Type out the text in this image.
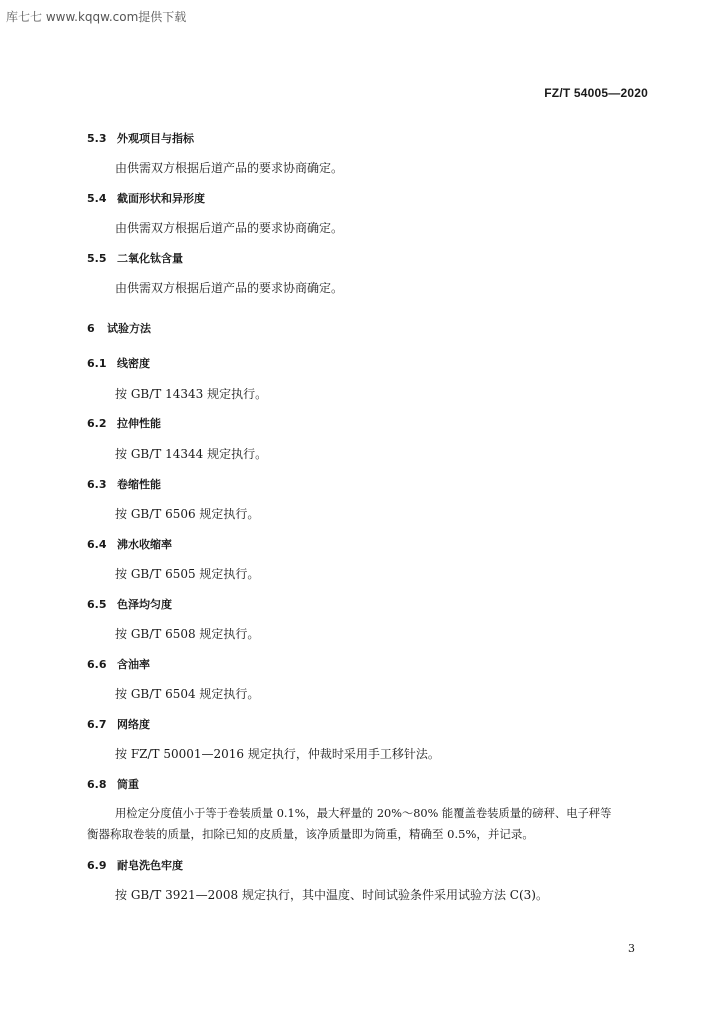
库七七 www.kqqw.com提供下载
FZ/T 54005—2020
5.3 外观项目与指标
由供需双方根据后道产品的要求协商确定。
5.4 截面形状和异形度
由供需双方根据后道产品的要求协商确定。
5.5 二氧化钛含量
由供需双方根据后道产品的要求协商确定。
6 试验方法
6.1 线密度
按 GB/T 14343 规定执行。
6.2 拉伸性能
按 GB/T 14344 规定执行。
6.3 卷缩性能
按 GB/T 6506 规定执行。
6.4 沸水收缩率
按 GB/T 6505 规定执行。
6.5 色泽均匀度
按 GB/T 6508 规定执行。
6.6 含油率
按 GB/T 6504 规定执行。
6.7 网络度
按 FZ/T 50001—2016 规定执行，仲裁时采用手工移针法。
6.8 筒重
用检定分度值小于等于卷装质量 0.1%，最大秤量的 20%～80% 能覆盖卷装质量的磅秤、电子秤等
衡器称取卷装的质量，扣除已知的皮质量，该净质量即为筒重，精确至 0.5%，并记录。
6.9 耐皂洗色牢度
按 GB/T 3921—2008 规定执行，其中温度、时间试验条件采用试验方法 C(3)。
3
